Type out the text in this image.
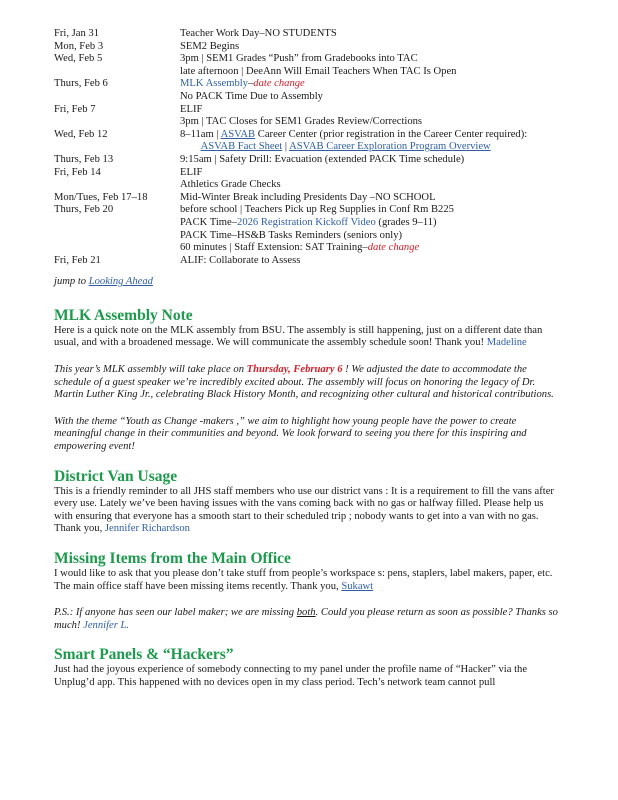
Fri, Jan 31	Teacher Work Day–NO STUDENTS
Mon, Feb 3	SEM2 Begins
Wed, Feb 5	3pm | SEM1 Grades “Push” from Gradebooks into TAC
	late afternoon | DeeAnn Will Email Teachers When TAC Is Open
Thurs, Feb 6	MLK Assembly–date change
	No PACK Time Due to Assembly
Fri, Feb 7	ELIF
	3pm | TAC Closes for SEM1 Grades Review/Corrections
Wed, Feb 12	8–11am | ASVAB Career Center (prior registration in the Career Center required):
	ASVAB Fact Sheet | ASVAB Career Exploration Program Overview
Thurs, Feb 13	9:15am | Safety Drill: Evacuation (extended PACK Time schedule)
Fri, Feb 14	ELIF
	Athletics Grade Checks
Mon/Tues, Feb 17–18	Mid-Winter Break including Presidents Day –NO SCHOOL
Thurs, Feb 20	before school | Teachers Pick up Reg Supplies in Conf Rm B225
	PACK Time–2026 Registration Kickoff Video (grades 9–11)
	PACK Time–HS&B Tasks Reminders (seniors only)
	60 minutes | Staff Extension: SAT Training–date change
Fri, Feb 21	ALIF: Collaborate to Assess

jump to Looking Ahead

MLK Assembly Note

Here is a quick note on the MLK assembly from BSU. The assembly is still happening, just on a different date than usual, and with a broadened message. We will communicate the assembly schedule soon! Thank you! Madeline

This year’s MLK assembly will take place on Thursday, February 6 ! We adjusted the date to accommodate the schedule of a guest speaker we’re incredibly excited about. The assembly will focus on honoring the legacy of Dr. Martin Luther King Jr., celebrating Black History Month, and recognizing other cultural and historical contributions.

With the theme “Youth as Change -makers ,” we aim to highlight how young people have the power to create meaningful change in their communities and beyond. We look forward to seeing you there for this inspiring and empowering event!

District Van Usage

This is a friendly reminder to all JHS staff members who use our district vans : It is a requirement to fill the vans after every use. Lately we’ve been having issues with the vans coming back with no gas or halfway filled. Please help us with ensuring that everyone has a smooth start to their scheduled trip ; nobody wants to get into a van with no gas. Thank you, Jennifer Richardson

Missing Items from the Main Office

I would like to ask that you please don’t take stuff from people’s workspace s: pens, staplers, label makers, paper, etc. The main office staff have been missing items recently. Thank you, Sukawt

P.S.: If anyone has seen our label maker; we are missing both. Could you please return as soon as possible? Thanks so much! Jennifer L.

Smart Panels & “Hackers”

Just had the joyous experience of somebody connecting to my panel under the profile name of “Hacker” via the Unplug’d app. This happened with no devices open in my class period. Tech’s network team cannot pull
